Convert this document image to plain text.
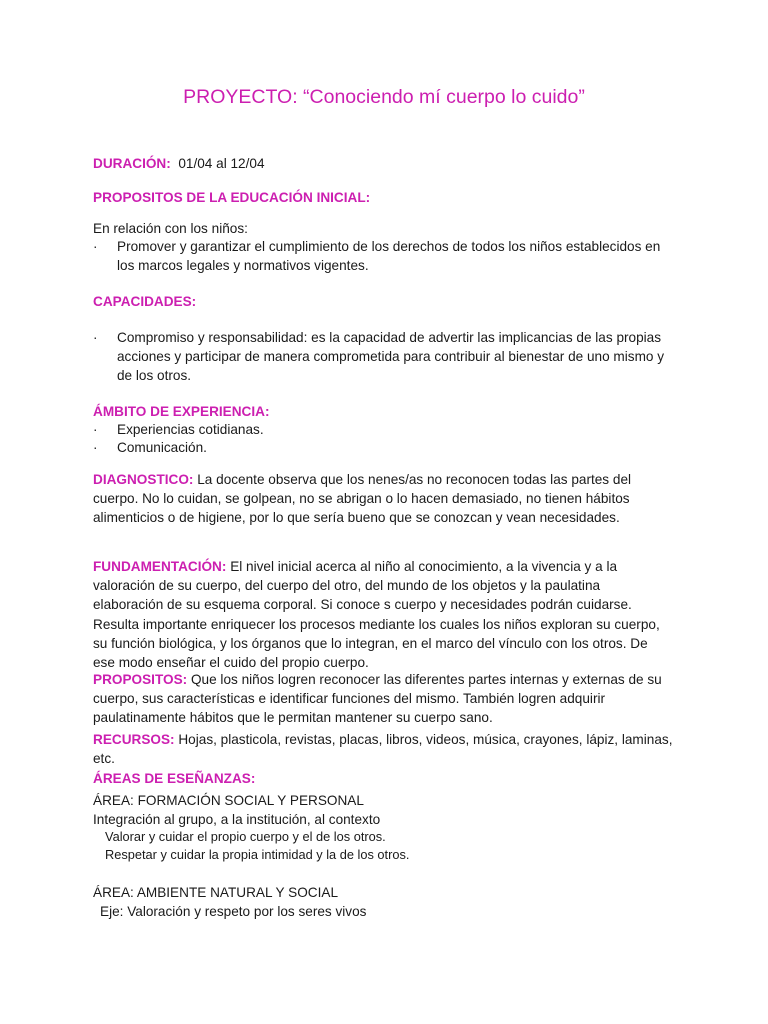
PROYECTO: “Conociendo mí cuerpo lo cuido”
DURACIÓN: 01/04 al 12/04
PROPOSITOS DE LA EDUCACIÓN INICIAL:
En relación con los niños:
· Promover y garantizar el cumplimiento de los derechos de todos los niños establecidos en los marcos legales y normativos vigentes.
CAPACIDADES:
· Compromiso y responsabilidad: es la capacidad de advertir las implicancias de las propias acciones y participar de manera comprometida para contribuir al bienestar de uno mismo y de los otros.
ÁMBITO DE EXPERIENCIA:
· Experiencias cotidianas.
· Comunicación.
DIAGNOSTICO: La docente observa que los nenes/as no reconocen todas las partes del cuerpo. No lo cuidan, se golpean, no se abrigan o lo hacen demasiado, no tienen hábitos alimenticios o de higiene, por lo que sería bueno que se conozcan y vean necesidades.
FUNDAMENTACIÓN: El nivel inicial acerca al niño al conocimiento, a la vivencia y a la valoración de su cuerpo, del cuerpo del otro, del mundo de los objetos y la paulatina elaboración de su esquema corporal. Si conoce s cuerpo y necesidades podrán cuidarse. Resulta importante enriquecer los procesos mediante los cuales los niños exploran su cuerpo, su función biológica, y los órganos que lo integran, en el marco del vínculo con los otros. De ese modo enseñar el cuido del propio cuerpo.
PROPOSITOS: Que los niños logren reconocer las diferentes partes internas y externas de su cuerpo, sus características e identificar funciones del mismo. También logren adquirir paulatinamente hábitos que le permitan mantener su cuerpo sano.
RECURSOS: Hojas, plasticola, revistas, placas, libros, videos, música, crayones, lápiz, laminas, etc.
ÁREAS DE ESEÑANZAS:
ÁREA: FORMACIÓN SOCIAL Y PERSONAL
Integración al grupo, a la institución, al contexto
Valorar y cuidar el propio cuerpo y el de los otros.
Respetar y cuidar la propia intimidad y la de los otros.
ÁREA: AMBIENTE NATURAL Y SOCIAL
Eje: Valoración y respeto por los seres vivos
